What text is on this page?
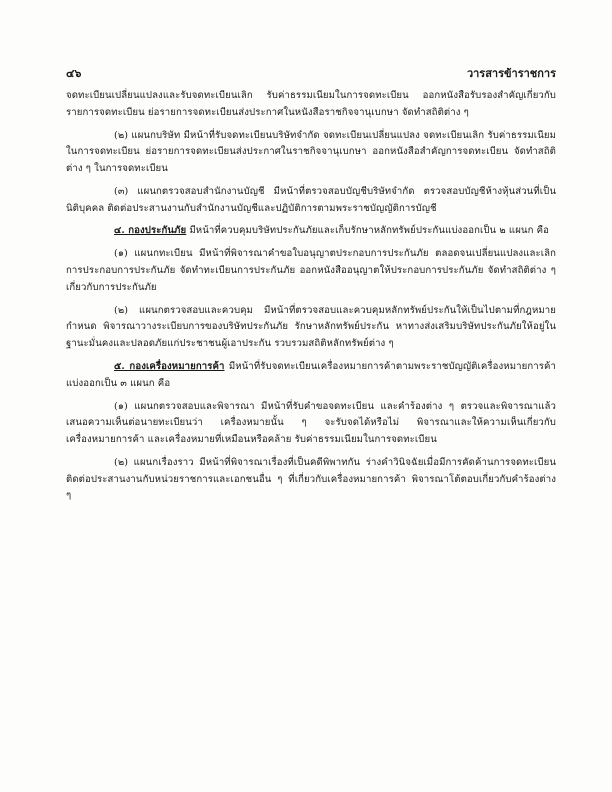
๔๖	วารสารข้าราชการ

จดทะเบียนเปลี่ยนแปลงและรับจดทะเบียนเลิก รับค่าธรรมเนียมในการจดทะเบียน ออกหนังสือรับรองสำคัญเกี่ยวกับรายการจดทะเบียน ย่อรายการจดทะเบียนส่งประกาศในหนังสือราชกิจจานุเบกษา จัดทำสถิติต่าง ๆ

(๒) แผนกบริษัท มีหน้าที่รับจดทะเบียนบริษัทจำกัด จดทะเบียนเปลี่ยนแปลง จดทะเบียนเลิก รับค่าธรรมเนียมในการจดทะเบียน ย่อรายการจดทะเบียนส่งประกาศในราชกิจจานุเบกษา ออกหนังสือสำคัญการจดทะเบียน จัดทำสถิติต่าง ๆ ในการจดทะเบียน

(๓) แผนกตรวจสอบสำนักงานบัญชี มีหน้าที่ตรวจสอบบัญชีบริษัทจำกัด ตรวจสอบบัญชีห้างหุ้นส่วนที่เป็นนิติบุคคล ติดต่อประสานงานกับสำนักงานบัญชีและปฏิบัติการตามพระราชบัญญัติการบัญชี

๔. กองประกันภัย มีหน้าที่ควบคุมบริษัทประกันภัยและเก็บรักษาหลักทรัพย์ประกันแบ่งออกเป็น ๒ แผนก คือ

(๑) แผนกทะเบียน มีหน้าที่พิจารณาคำขอใบอนุญาตประกอบการประกันภัย ตลอดจนเปลี่ยนแปลงและเลิกการประกอบการประกันภัย จัดทำทะเบียนการประกันภัย ออกหนังสืออนุญาตให้ประกอบการประกันภัย จัดทำสถิติต่าง ๆ เกี่ยวกับการประกันภัย

(๒) แผนกตรวจสอบและควบคุม มีหน้าที่ตรวจสอบและควบคุมหลักทรัพย์ประกันให้เป็นไปตามที่กฎหมายกำหนด พิจารณาวางระเบียบการของบริษัทประกันภัย รักษาหลักทรัพย์ประกัน หาทางส่งเสริมบริษัทประกันภัยให้อยู่ในฐานะมั่นคงและปลอดภัยแก่ประชาชนผู้เอาประกัน รวบรวมสถิติหลักทรัพย์ต่าง ๆ

๕. กองเครื่องหมายการค้า มีหน้าที่รับจดทะเบียนเครื่องหมายการค้าตามพระราชบัญญัติเครื่องหมายการค้า แบ่งออกเป็น ๓ แผนก คือ

(๑) แผนกตรวจสอบและพิจารณา มีหน้าที่รับคำขอจดทะเบียน และคำร้องต่าง ๆ ตรวจและพิจารณาแล้วเสนอความเห็นต่อนายทะเบียนว่า เครื่องหมายนั้น ๆ จะรับจดได้หรือไม่ พิจารณาและให้ความเห็นเกี่ยวกับเครื่องหมายการค้า และเครื่องหมายที่เหมือนหรือคล้าย รับค่าธรรมเนียมในการจดทะเบียน

(๒) แผนกเรื่องราว มีหน้าที่พิจารณาเรื่องที่เป็นคดีพิพาทกัน ร่างคำวินิจฉัยเมื่อมีการคัดค้านการจดทะเบียน ติดต่อประสานงานกับหน่วยราชการและเอกชนอื่น ๆ ที่เกี่ยวกับเครื่องหมายการค้า พิจารณาโต้ตอบเกี่ยวกับคำร้องต่าง ๆ
